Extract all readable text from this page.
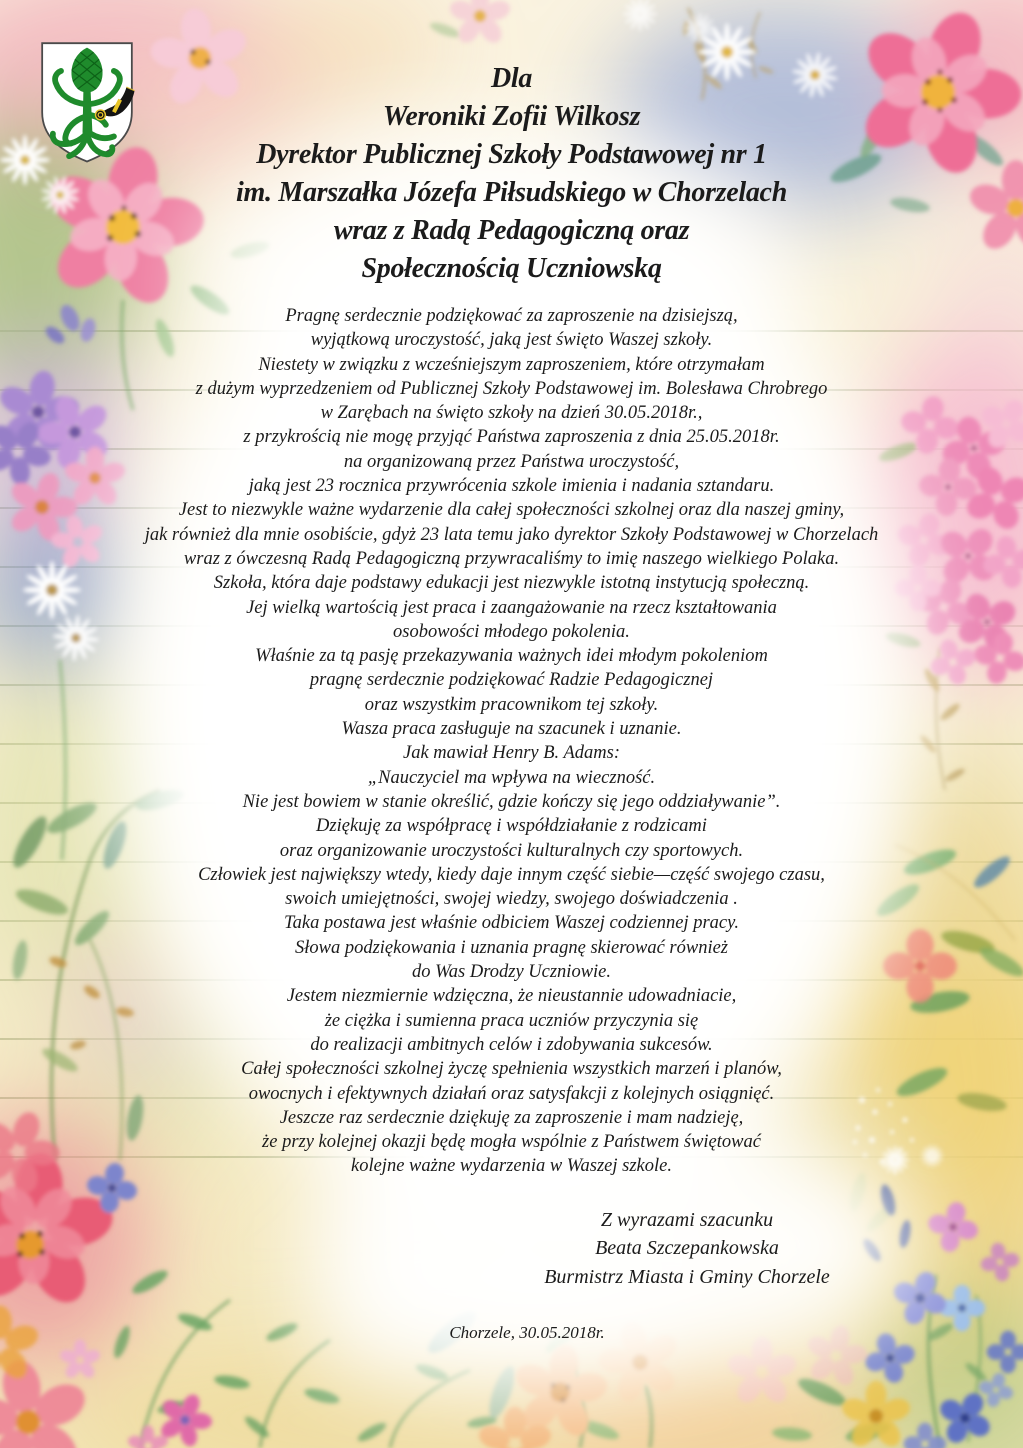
Dla
Weroniki Zofii Wilkosz
Dyrektor Publicznej Szkoły Podstawowej nr 1
im. Marszałka Józefa Piłsudskiego w Chorzelach
wraz z Radą Pedagogiczną oraz
Społecznością Uczniowską
Pragnę serdecznie podziękować za zaproszenie na dzisiejszą,
wyjątkową uroczystość, jaką jest święto Waszej szkoły.
Niestety w związku z wcześniejszym zaproszeniem, które otrzymałam
z dużym wyprzedzeniem od Publicznej Szkoły Podstawowej im. Bolesława Chrobrego
w Zarębach na święto szkoły na dzień 30.05.2018r.,
z przykrością nie mogę przyjąć Państwa zaproszenia z dnia 25.05.2018r.
na organizowaną przez Państwa uroczystość,
jaką jest 23 rocznica przywrócenia szkole imienia i nadania sztandaru.
Jest to niezwykle ważne wydarzenie dla całej społeczności szkolnej oraz dla naszej gminy,
jak również dla mnie osobiście, gdyż 23 lata temu jako dyrektor Szkoły Podstawowej w Chorzelach
wraz z ówczesną Radą Pedagogiczną przywracaliśmy to imię naszego wielkiego Polaka.
Szkoła, która daje podstawy edukacji jest niezwykle istotną instytucją społeczną.
Jej wielką wartością jest praca i zaangażowanie na rzecz kształtowania
osobowości młodego pokolenia.
Właśnie za tą pasję przekazywania ważnych idei młodym pokoleniom
pragnę serdecznie podziękować Radzie Pedagogicznej
oraz wszystkim pracownikom tej szkoły.
Wasza praca zasługuje na szacunek i uznanie.
Jak mawiał Henry B. Adams:
„Nauczyciel ma wpływa na wieczność.
Nie jest bowiem w stanie określić, gdzie kończy się jego oddziaływanie”.
Dziękuję za współpracę i współdziałanie z rodzicami
oraz organizowanie uroczystości kulturalnych czy sportowych.
Człowiek jest największy wtedy, kiedy daje innym część siebie—część swojego czasu,
swoich umiejętności, swojej wiedzy, swojego doświadczenia .
Taka postawa jest właśnie odbiciem Waszej codziennej pracy.
Słowa podziękowania i uznania pragnę skierować również
do Was Drodzy Uczniowie.
Jestem niezmiernie wdzięczna, że nieustannie udowadniacie,
że ciężka i sumienna praca uczniów przyczynia się
do realizacji ambitnych celów i zdobywania sukcesów.
Całej społeczności szkolnej życzę spełnienia wszystkich marzeń i planów,
owocnych i efektywnych działań oraz satysfakcji z kolejnych osiągnięć.
Jeszcze raz serdecznie dziękuję za zaproszenie i mam nadzieję,
że przy kolejnej okazji będę mogła wspólnie z Państwem świętować
kolejne ważne wydarzenia w Waszej szkole.
Z wyrazami szacunku
Beata Szczepankowska
Burmistrz Miasta i Gminy Chorzele
Chorzele, 30.05.2018r.
